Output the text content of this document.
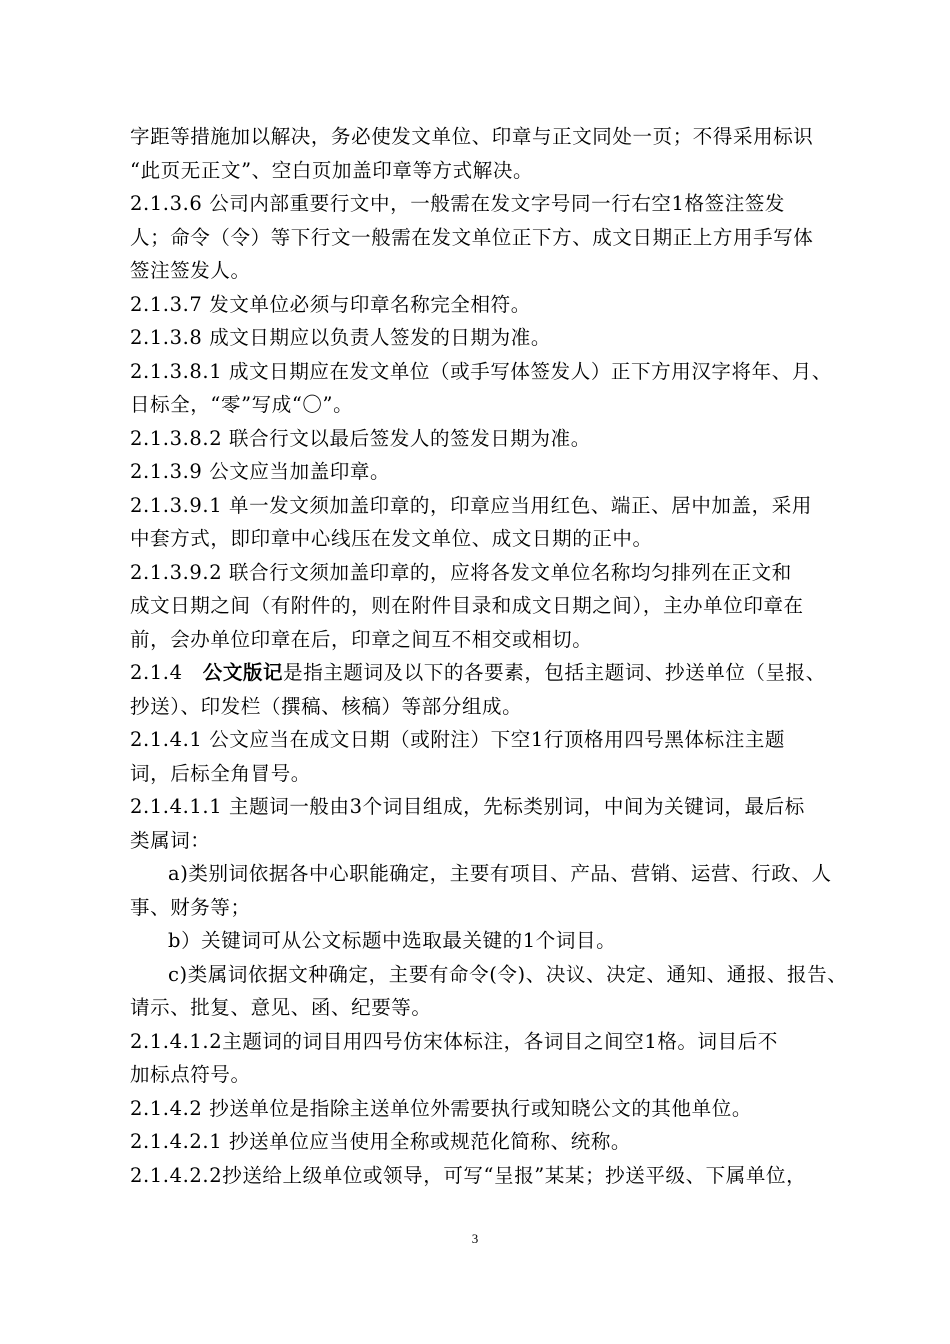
字距等措施加以解决，务必使发文单位、印章与正文同处一页；不得采用标识
“此页无正文”、空白页加盖印章等方式解决。
2.1.3.6 公司内部重要行文中，一般需在发文字号同一行右空1格签注签发
人；命令（令）等下行文一般需在发文单位正下方、成文日期正上方用手写体
签注签发人。
2.1.3.7 发文单位必须与印章名称完全相符。
2.1.3.8 成文日期应以负责人签发的日期为准。
2.1.3.8.1 成文日期应在发文单位（或手写体签发人）正下方用汉字将年、月、
日标全，“零”写成“〇”。
2.1.3.8.2 联合行文以最后签发人的签发日期为准。
2.1.3.9 公文应当加盖印章。
2.1.3.9.1 单一发文须加盖印章的，印章应当用红色、端正、居中加盖，采用
中套方式，即印章中心线压在发文单位、成文日期的正中。
2.1.3.9.2 联合行文须加盖印章的，应将各发文单位名称均匀排列在正文和
成文日期之间（有附件的，则在附件目录和成文日期之间），主办单位印章在
前，会办单位印章在后，印章之间互不相交或相切。
2.1.4　公文版记是指主题词及以下的各要素，包括主题词、抄送单位（呈报、
抄送）、印发栏（撰稿、核稿）等部分组成。
2.1.4.1 公文应当在成文日期（或附注）下空1行顶格用四号黑体标注主题
词，后标全角冒号。
2.1.4.1.1 主题词一般由3个词目组成，先标类别词，中间为关键词，最后标
类属词：
a)类别词依据各中心职能确定，主要有项目、产品、营销、运营、行政、人
事、财务等；
b）关键词可从公文标题中选取最关键的1个词目。
c)类属词依据文种确定，主要有命令(令)、决议、决定、通知、通报、报告、
请示、批复、意见、函、纪要等。
2.1.4.1.2主题词的词目用四号仿宋体标注，各词目之间空1格。词目后不
加标点符号。
2.1.4.2 抄送单位是指除主送单位外需要执行或知晓公文的其他单位。
2.1.4.2.1 抄送单位应当使用全称或规范化简称、统称。
2.1.4.2.2抄送给上级单位或领导，可写“呈报”某某；抄送平级、下属单位，
3
